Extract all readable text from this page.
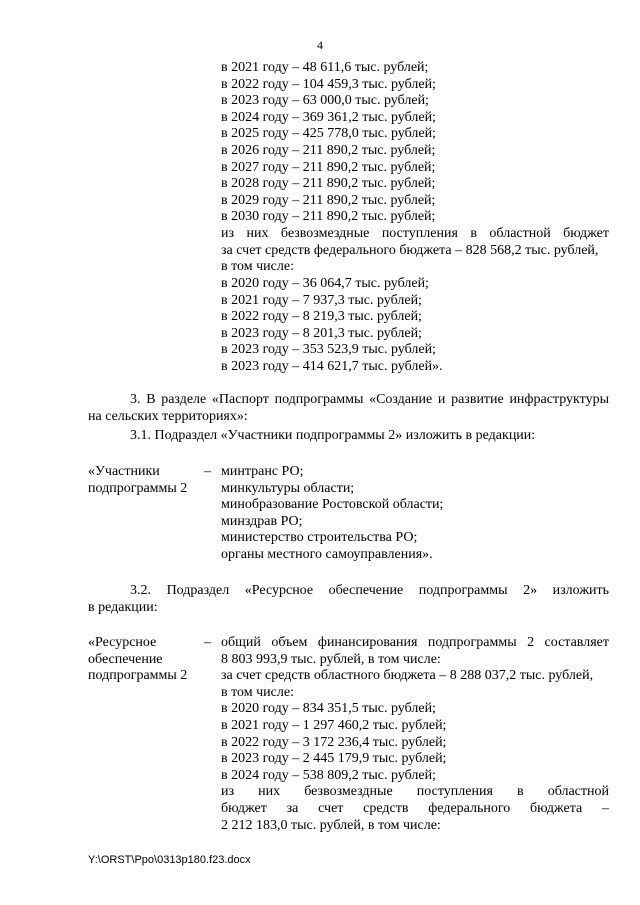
4
в 2021 году – 48 611,6 тыс. рублей;
в 2022 году – 104 459,3 тыс. рублей;
в 2023 году – 63 000,0 тыс. рублей;
в 2024 году – 369 361,2 тыс. рублей;
в 2025 году – 425 778,0 тыс. рублей;
в 2026 году – 211 890,2 тыс. рублей;
в 2027 году – 211 890,2 тыс. рублей;
в 2028 году – 211 890,2 тыс. рублей;
в 2029 году – 211 890,2 тыс. рублей;
в 2030 году – 211 890,2 тыс. рублей;
из них безвозмездные поступления в областной бюджет
за счет средств федерального бюджета – 828 568,2 тыс. рублей,
в том числе:
в 2020 году – 36 064,7 тыс. рублей;
в 2021 году – 7 937,3 тыс. рублей;
в 2022 году – 8 219,3 тыс. рублей;
в 2023 году – 8 201,3 тыс. рублей;
в 2023 году – 353 523,9 тыс. рублей;
в 2023 году – 414 621,7 тыс. рублей».
3. В разделе «Паспорт подпрограммы «Создание и развитие инфраструктуры
на сельских территориях»:
3.1. Подраздел «Участники подпрограммы 2» изложить в редакции:
«Участники
подпрограммы 2
– минтранс РО;
минкультуры области;
минобразование Ростовской области;
минздрав РО;
министерство строительства РО;
органы местного самоуправления».
3.2. Подраздел «Ресурсное обеспечение подпрограммы 2» изложить
в редакции:
«Ресурсное
обеспечение
подпрограммы 2
– общий объем финансирования подпрограммы 2 составляет
8 803 993,9 тыс. рублей, в том числе:
за счет средств областного бюджета – 8 288 037,2 тыс. рублей,
в том числе:
в 2020 году – 834 351,5 тыс. рублей;
в 2021 году – 1 297 460,2 тыс. рублей;
в 2022 году – 3 172 236,4 тыс. рублей;
в 2023 году – 2 445 179,9 тыс. рублей;
в 2024 году – 538 809,2 тыс. рублей;
из них безвозмездные поступления в областной
бюджет за счет средств федерального бюджета –
2 212 183,0 тыс. рублей, в том числе:
Y:\ORST\Ppo\0313p180.f23.docx
